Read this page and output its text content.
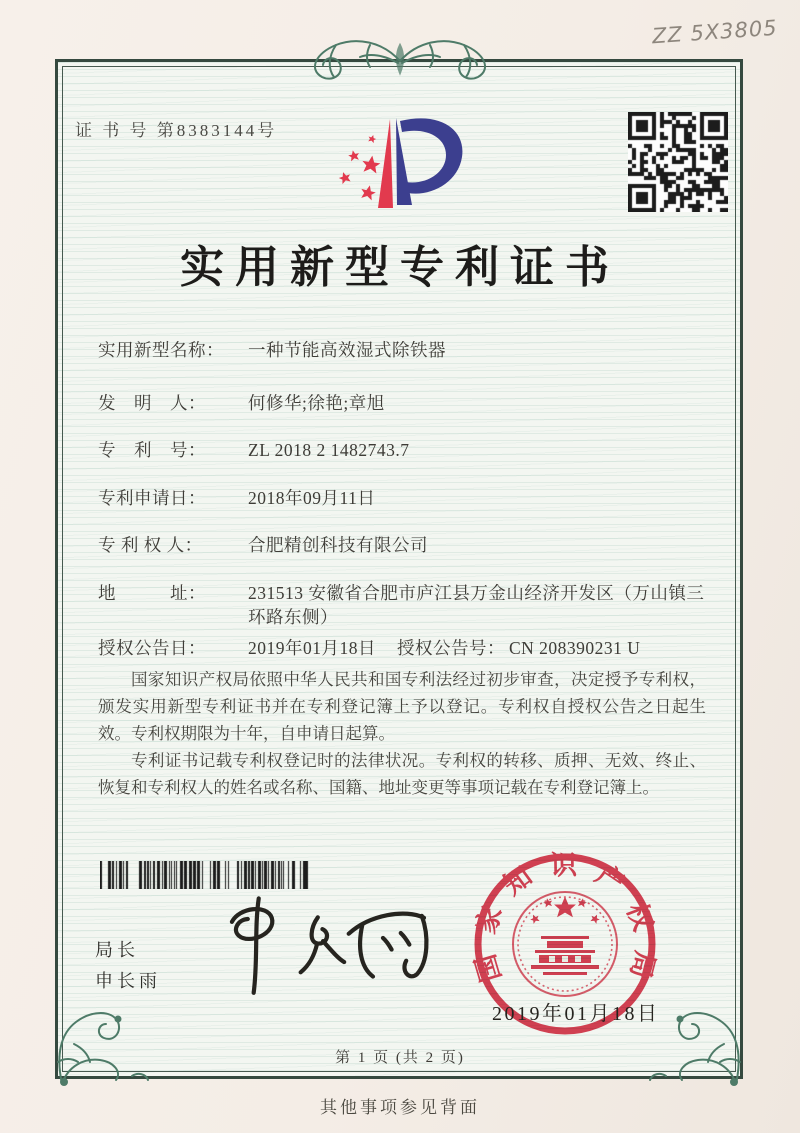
ZZ 5X3805
证 书 号 第8383144号
实用新型专利证书
实用新型名称：	一种节能高效湿式除铁器
发　明　人：	何修华;徐艳;章旭
专　利　号：	ZL 2018 2 1482743.7
专利申请日：	2018年09月11日
专 利 权 人：	合肥精创科技有限公司
地　　　址：	231513 安徽省合肥市庐江县万金山经济开发区（万山镇三环路东侧）
授权公告日：	2019年01月18日	授权公告号： CN 208390231 U

国家知识产权局依照中华人民共和国专利法经过初步审查，决定授予专利权，颁发实用新型专利证书并在专利登记簿上予以登记。专利权自授权公告之日起生效。专利权期限为十年，自申请日起算。

专利证书记载专利权登记时的法律状况。专利权的转移、质押、无效、终止、恢复和专利权人的姓名或名称、国籍、地址变更等事项记载在专利登记簿上。

局长
申长雨	国家知识产权局
2019年01月18日
第 1 页 (共 2 页)
其他事项参见背面
